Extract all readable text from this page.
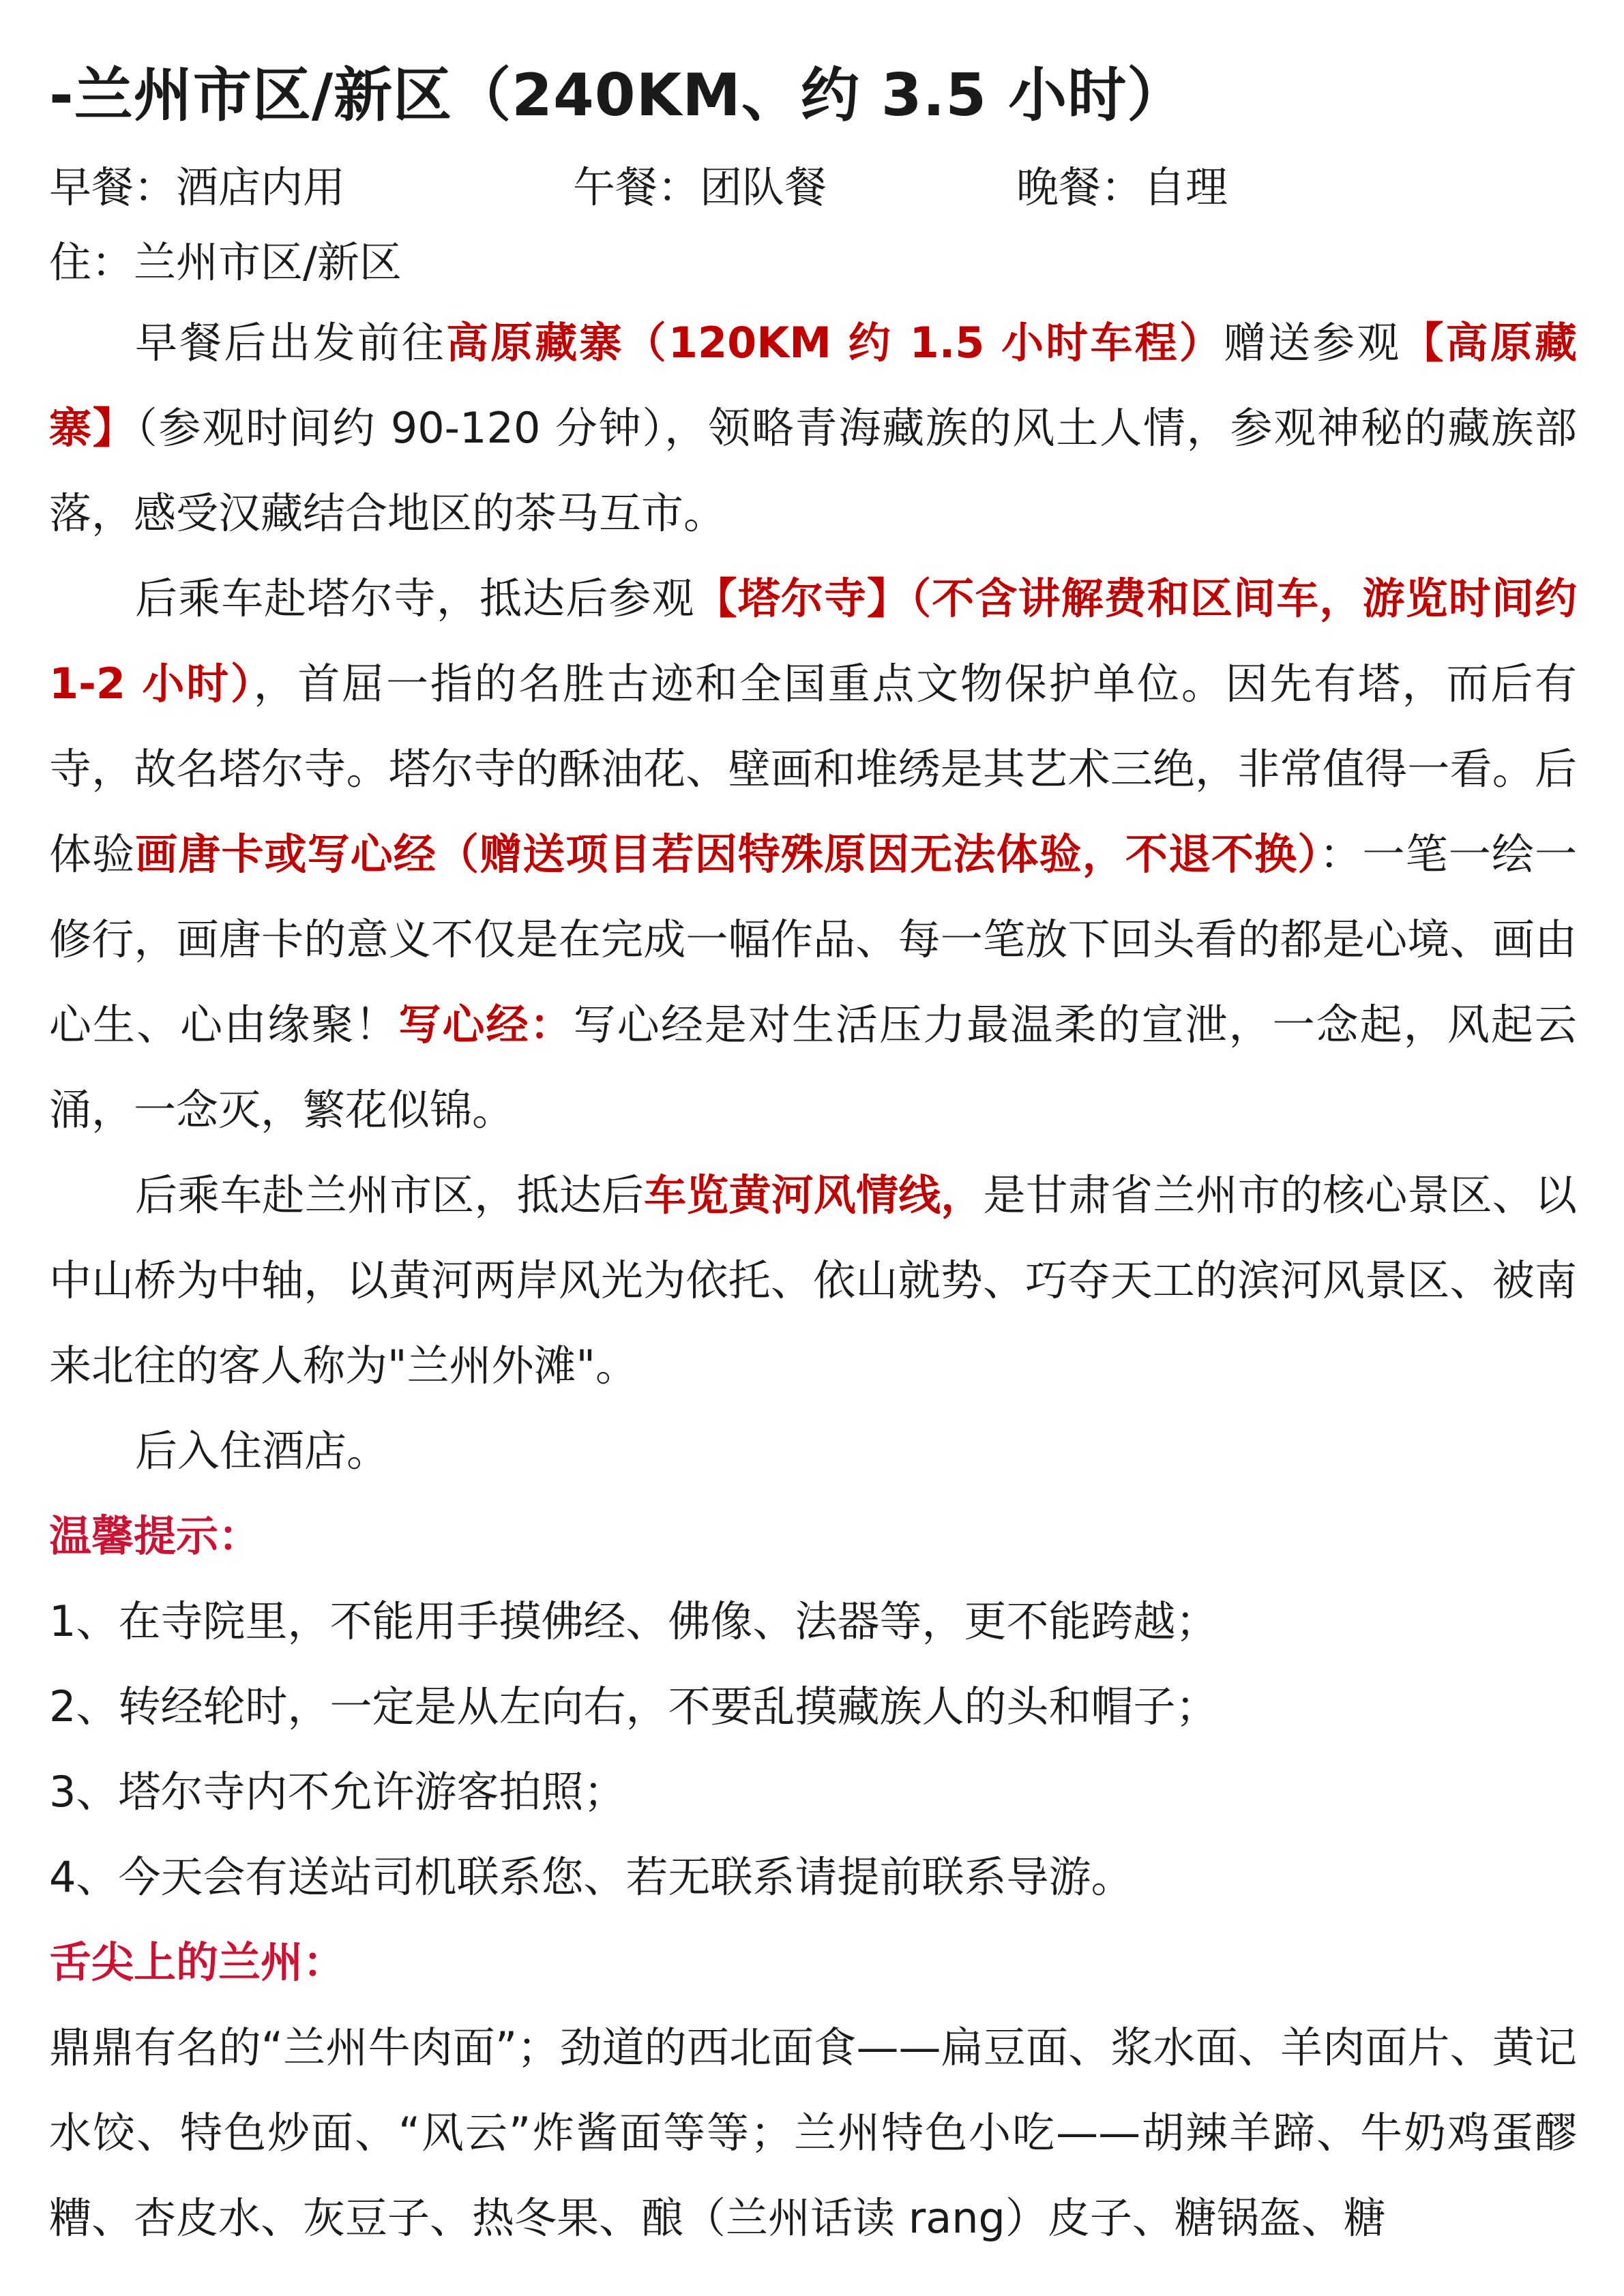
-兰州市区/新区（240KM、约 3.5 小时）
早餐：酒店内用	午餐：团队餐	晚餐：自理
住：兰州市区/新区

早餐后出发前往高原藏寨（120KM 约 1.5 小时车程）赠送参观【高原藏寨】（参观时间约 90-120 分钟），领略青海藏族的风土人情，参观神秘的藏族部落，感受汉藏结合地区的茶马互市。

后乘车赴塔尔寺，抵达后参观【塔尔寺】（不含讲解费和区间车，游览时间约 1-2 小时），首屈一指的名胜古迹和全国重点文物保护单位。因先有塔，而后有寺，故名塔尔寺。塔尔寺的酥油花、壁画和堆绣是其艺术三绝，非常值得一看。后体验画唐卡或写心经（赠送项目若因特殊原因无法体验，不退不换）：一笔一绘一修行，画唐卡的意义不仅是在完成一幅作品、每一笔放下回头看的都是心境、画由心生、心由缘聚！写心经：写心经是对生活压力最温柔的宣泄，一念起，风起云涌，一念灭，繁花似锦。

后乘车赴兰州市区，抵达后车览黄河风情线，是甘肃省兰州市的核心景区、以中山桥为中轴，以黄河两岸风光为依托、依山就势、巧夺天工的滨河风景区、被南来北往的客人称为"兰州外滩"。

后入住酒店。

温馨提示：

1、在寺院里，不能用手摸佛经、佛像、法器等，更不能跨越；

2、转经轮时，一定是从左向右，不要乱摸藏族人的头和帽子；

3、塔尔寺内不允许游客拍照；

4、今天会有送站司机联系您、若无联系请提前联系导游。

舌尖上的兰州：

鼎鼎有名的“兰州牛肉面”；劲道的西北面食——扁豆面、浆水面、羊肉面片、黄记水饺、特色炒面、“风云”炸酱面等等；兰州特色小吃——胡辣羊蹄、牛奶鸡蛋醪糟、杏皮水、灰豆子、热冬果、酿（兰州话读 rang）皮子、糖锅盔、糖
